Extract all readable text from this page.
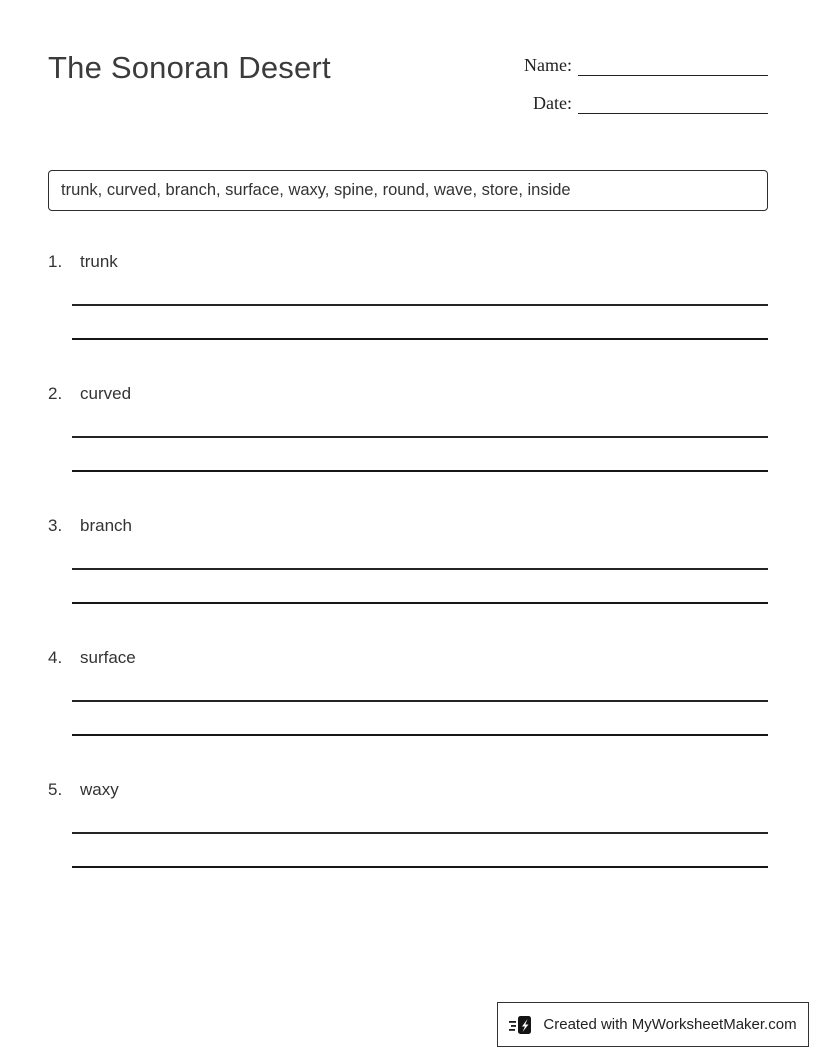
The Sonoran Desert	Name:
Date:
trunk, curved, branch, surface, waxy, spine, round, wave, store, inside
1.	trunk
2.	curved
3.	branch
4.	surface
5.	waxy
Created with MyWorksheetMaker.com
